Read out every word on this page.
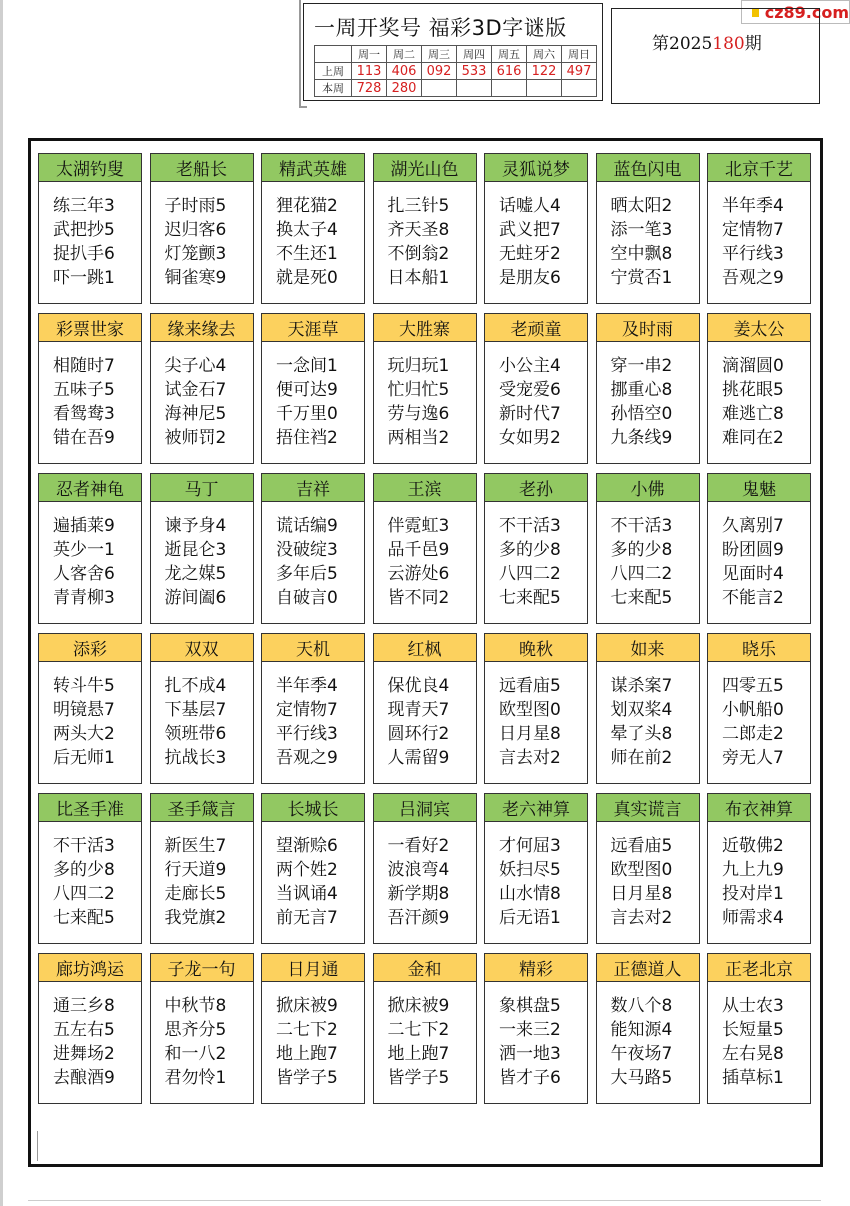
cz89.com
一周开奖号 福彩3D字谜版
	周一	周二	周三	周四	周五	周六	周日
上周	113	406	092	533	616	122	497
本周	728	280					
第2025180期
太湖钓叟
练三年3
武把抄5
捉扒手6
吓一跳1
老船长
子时雨5
迟归客6
灯笼颤3
铜雀寒9
精武英雄
狸花猫2
换太子4
不生还1
就是死0
湖光山色
扎三针5
齐天圣8
不倒翁2
日本船1
灵狐说梦
话嘘人4
武义把7
无蛀牙2
是朋友6
蓝色闪电
晒太阳2
添一笔3
空中飘8
宁赏否1
北京千艺
半年季4
定情物7
平行线3
吾观之9
彩票世家
相随时7
五味子5
看鸳鸯3
错在吾9
缘来缘去
尖子心4
试金石7
海神尼5
被师罚2
天涯草
一念间1
便可达9
千万里0
捂住裆2
大胜寨
玩归玩1
忙归忙5
劳与逸6
两相当2
老顽童
小公主4
受宠爱6
新时代7
女如男2
及时雨
穿一串2
挪重心8
孙悟空0
九条线9
姜太公
滴溜圆0
挑花眼5
难逃亡8
难同在2
忍者神龟
遍插莱9
英少一1
人客舍6
青青柳3
马丁
谏予身4
逝昆仑3
龙之媒5
游间阖6
吉祥
谎话编9
没破绽3
多年后5
自破言0
王滨
伴霓虹3
品千邑9
云游处6
皆不同2
老孙
不干活3
多的少8
八四二2
七来配5
小佛
不干活3
多的少8
八四二2
七来配5
鬼魅
久离别7
盼团圆9
见面时4
不能言2
添彩
转斗牛5
明镜悬7
两头大2
后无师1
双双
扎不成4
下基层7
领班带6
抗战长3
天机
半年季4
定情物7
平行线3
吾观之9
红枫
保优良4
现青天7
圆环行2
人需留9
晚秋
远看庙5
欧型图0
日月星8
言去对2
如来
谋杀案7
划双桨4
晕了头8
师在前2
晓乐
四零五5
小帆船0
二郎走2
旁无人7
比圣手准
不干活3
多的少8
八四二2
七来配5
圣手箴言
新医生7
行天道9
走廊长5
我党旗2
长城长
望渐赊6
两个姓2
当讽诵4
前无言7
吕洞宾
一看好2
波浪弯4
新学期8
吾汗颜9
老六神算
才何屈3
妖扫尽5
山水情8
后无语1
真实谎言
远看庙5
欧型图0
日月星8
言去对2
布衣神算
近敬佛2
九上九9
投对岸1
师需求4
廊坊鸿运
通三乡8
五左右5
进舞场2
去酿酒9
子龙一句
中秋节8
思齐分5
和一八2
君勿怜1
日月通
掀床被9
二七下2
地上跑7
皆学子5
金和
掀床被9
二七下2
地上跑7
皆学子5
精彩
象棋盘5
一来三2
洒一地3
皆才子6
正德道人
数八个8
能知源4
午夜场7
大马路5
正老北京
从士农3
长短量5
左右晃8
插草标1
